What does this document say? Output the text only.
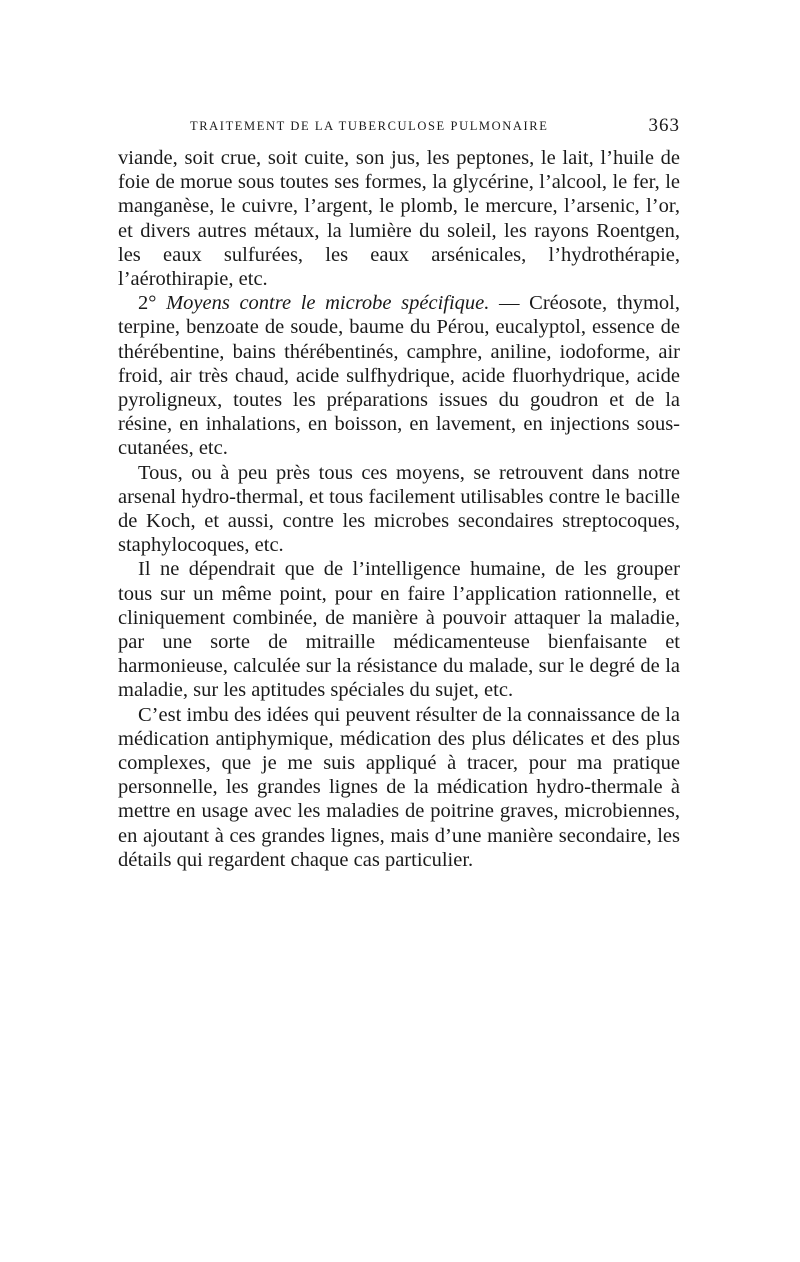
TRAITEMENT DE LA TUBERCULOSE PULMONAIRE	363

viande, soit crue, soit cuite, son jus, les peptones, le lait, l’huile de foie de morue sous toutes ses formes, la glycérine, l’alcool, le fer, le manganèse, le cuivre, l’argent, le plomb, le mercure, l’arsenic, l’or, et divers autres métaux, la lumière du soleil, les rayons Roentgen, les eaux sulfurées, les eaux arsénicales, l’hydrothérapie, l’aérothirapie, etc.

2° Moyens contre le microbe spécifique. — Créosote, thymol, terpine, benzoate de soude, baume du Pérou, eucalyptol, essence de thérébentine, bains thérébentinés, camphre, aniline, iodoforme, air froid, air très chaud, acide sulfhydrique, acide fluorhydrique, acide pyroligneux, toutes les préparations issues du goudron et de la résine, en inhalations, en boisson, en lavement, en injections sous-cutanées, etc.

Tous, ou à peu près tous ces moyens, se retrouvent dans notre arsenal hydro-thermal, et tous facilement utilisables contre le bacille de Koch, et aussi, contre les microbes secondaires streptocoques, staphylocoques, etc.

Il ne dépendrait que de l’intelligence humaine, de les grouper tous sur un même point, pour en faire l’application rationnelle, et cliniquement combinée, de manière à pouvoir attaquer la maladie, par une sorte de mitraille médicamenteuse bienfaisante et harmonieuse, calculée sur la résistance du malade, sur le degré de la maladie, sur les aptitudes spéciales du sujet, etc.

C’est imbu des idées qui peuvent résulter de la connaissance de la médication antiphymique, médication des plus délicates et des plus complexes, que je me suis appliqué à tracer, pour ma pratique personnelle, les grandes lignes de la médication hydro-thermale à mettre en usage avec les maladies de poitrine graves, microbiennes, en ajoutant à ces grandes lignes, mais d’une manière secondaire, les détails qui regardent chaque cas particulier.
